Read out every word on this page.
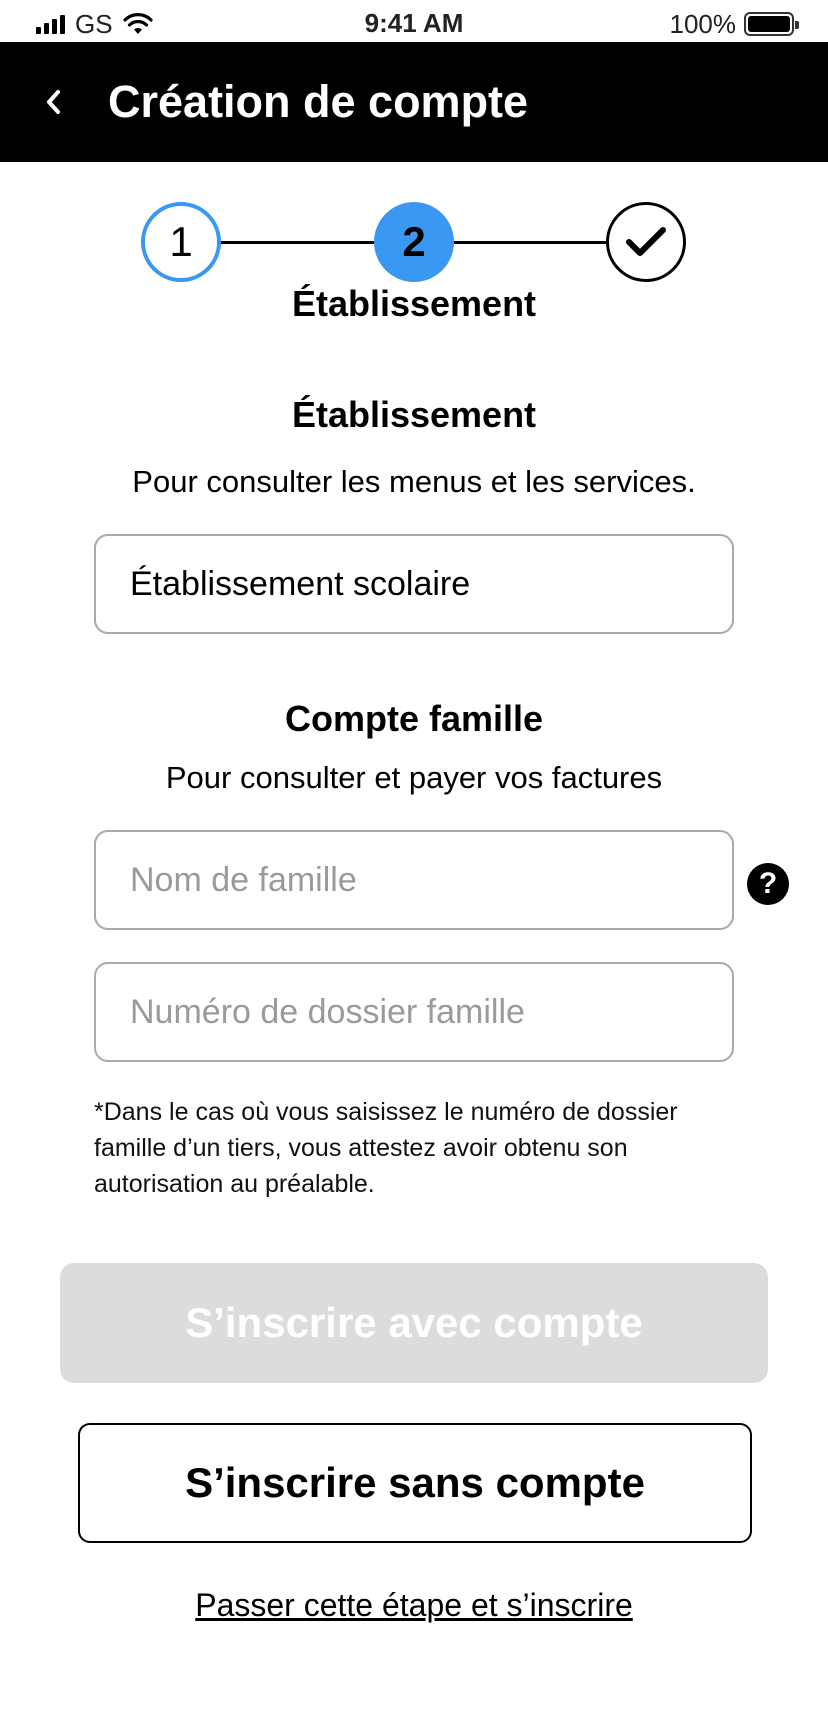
GS	9:41 AM	100%
Création de compte
1	2
Établissement
Établissement
Pour consulter les menus et les services.
Établissement scolaire
Compte famille
Pour consulter et payer vos factures
Nom de famille
?
Numéro de dossier famille
*Dans le cas où vous saisissez le numéro de dossier famille d’un tiers, vous attestez avoir obtenu son autorisation au préalable.
S’inscrire avec compte
S’inscrire sans compte
Passer cette étape et s’inscrire
